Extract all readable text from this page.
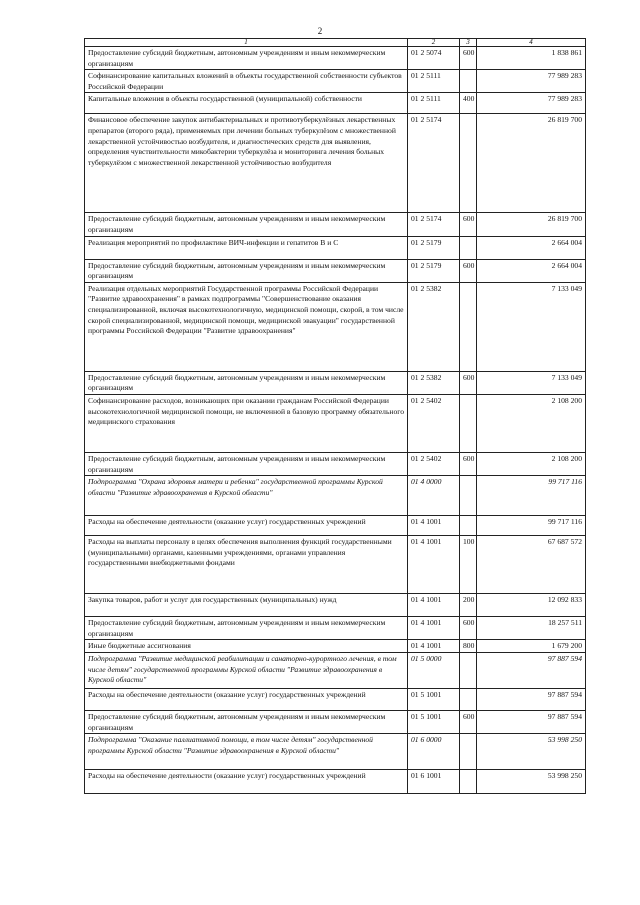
2
1	2	3	4
Предоставление субсидий бюджетным, автономным учреждениям и иным некоммерческим организациям	01 2 5074	600	1 838 861
Софинансирование капитальных вложений в объекты государственной собственности субъектов Российской Федерации	01 2 5111		77 989 283
Капитальные вложения в объекты государственной (муниципальной) собственности	01 2 5111	400	77 989 283
Финансовое обеспечение закупок антибактериальных и противотуберкулёзных лекарственных препаратов (второго ряда), применяемых при лечении больных туберкулёзом с множественной лекарственной устойчивостью возбудителя, и диагностических средств для выявления, определения чувствительности микобактерии туберкулёза и мониторинга лечения больных туберкулёзом с множественной лекарственной устойчивостью возбудителя	01 2 5174		26 819 700
Предоставление субсидий бюджетным, автономным учреждениям и иным некоммерческим организациям	01 2 5174	600	26 819 700
Реализация мероприятий по профилактике ВИЧ-инфекции и гепатитов В и С	01 2 5179		2 664 004
Предоставление субсидий бюджетным, автономным учреждениям и иным некоммерческим организациям	01 2 5179	600	2 664 004
Реализация отдельных мероприятий Государственной программы Российской Федерации "Развитие здравоохранения" в рамках подпрограммы "Совершенствование оказания специализированной, включая высокотехнологичную, медицинской помощи, скорой, в том числе скорой специализированной, медицинской помощи, медицинской эвакуации" государственной программы Российской Федерации "Развитие здравоохранения"	01 2 5382		7 133 049
Предоставление субсидий бюджетным, автономным учреждениям и иным некоммерческим организациям	01 2 5382	600	7 133 049
Софинансирование расходов, возникающих при оказании гражданам Российской Федерации высокотехнологичной медицинской помощи, не включенной в базовую программу обязательного медицинского страхования	01 2 5402		2 108 200
Предоставление субсидий бюджетным, автономным учреждениям и иным некоммерческим организациям	01 2 5402	600	2 108 200
Подпрограмма "Охрана здоровья матери и ребенка" государственной программы Курской области "Развитие здравоохранения в Курской области"	01 4 0000		99 717 116
Расходы на обеспечение деятельности (оказание услуг) государственных учреждений	01 4 1001		99 717 116
Расходы на выплаты персоналу в целях обеспечения выполнения функций государственными (муниципальными) органами, казенными учреждениями, органами управления государственными внебюджетными фондами	01 4 1001	100	67 687 572
Закупка товаров, работ и услуг для государственных (муниципальных) нужд	01 4 1001	200	12 092 833
Предоставление субсидий бюджетным, автономным учреждениям и иным некоммерческим организациям	01 4 1001	600	18 257 511
Иные бюджетные ассигнования	01 4 1001	800	1 679 200
Подпрограмма "Развитие медицинской реабилитации и санаторно-курортного лечения, в том числе детям" государственной программы Курской области "Развитие здравоохранения в Курской области"	01 5 0000		97 887 594
Расходы на обеспечение деятельности (оказание услуг) государственных учреждений	01 5 1001		97 887 594
Предоставление субсидий бюджетным, автономным учреждениям и иным некоммерческим организациям	01 5 1001	600	97 887 594
Подпрограмма "Оказание паллиативной помощи, в том числе детям" государственной программы Курской области "Развитие здравоохранения в Курской области"	01 6 0000		53 998 250
Расходы на обеспечение деятельности (оказание услуг) государственных учреждений	01 6 1001		53 998 250
